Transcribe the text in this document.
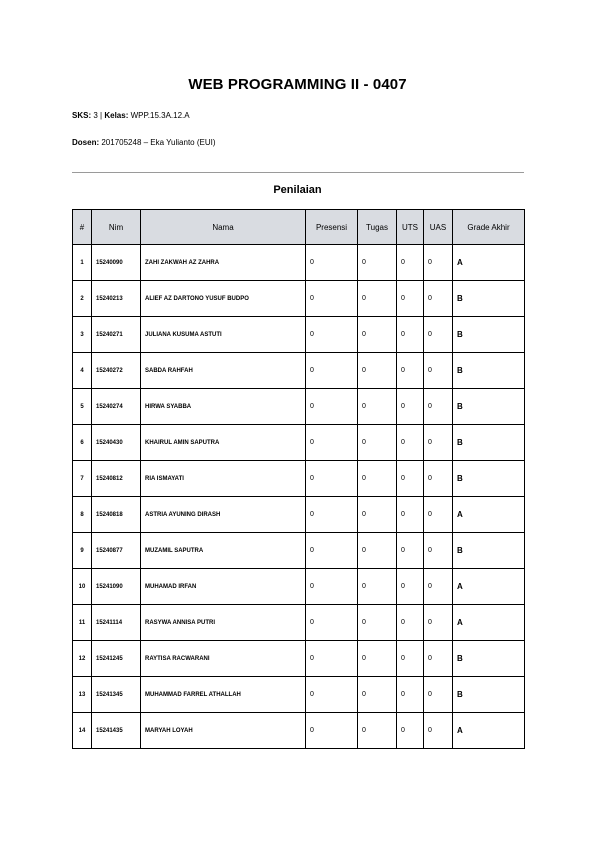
WEB PROGRAMMING II - 0407
SKS: 3 | Kelas: WPP.15.3A.12.A
Dosen: 201705248 – Eka Yulianto (EUI)
Penilaian
#	Nim	Nama	Presensi	Tugas	UTS	UAS	Grade Akhir
1	15240090	ZAHI ZAKWAH AZ ZAHRA	0	0	0	0	A
2	15240213	ALIEF AZ DARTONO YUSUF BUDPO	0	0	0	0	B
3	15240271	JULIANA KUSUMA ASTUTI	0	0	0	0	B
4	15240272	SABDA RAHFAH	0	0	0	0	B
5	15240274	HIRWA SYABBA	0	0	0	0	B
6	15240430	KHAIRUL AMIN SAPUTRA	0	0	0	0	B
7	15240812	RIA ISMAYATI	0	0	0	0	B
8	15240818	ASTRIA AYUNING DIRASH	0	0	0	0	A
9	15240877	MUZAMIL SAPUTRA	0	0	0	0	B
10	15241090	MUHAMAD IRFAN	0	0	0	0	A
11	15241114	RASYWA ANNISA PUTRI	0	0	0	0	A
12	15241245	RAYTISA RACWARANI	0	0	0	0	B
13	15241345	MUHAMMAD FARREL ATHALLAH	0	0	0	0	B
14	15241435	MARYAH LOYAH	0	0	0	0	A
